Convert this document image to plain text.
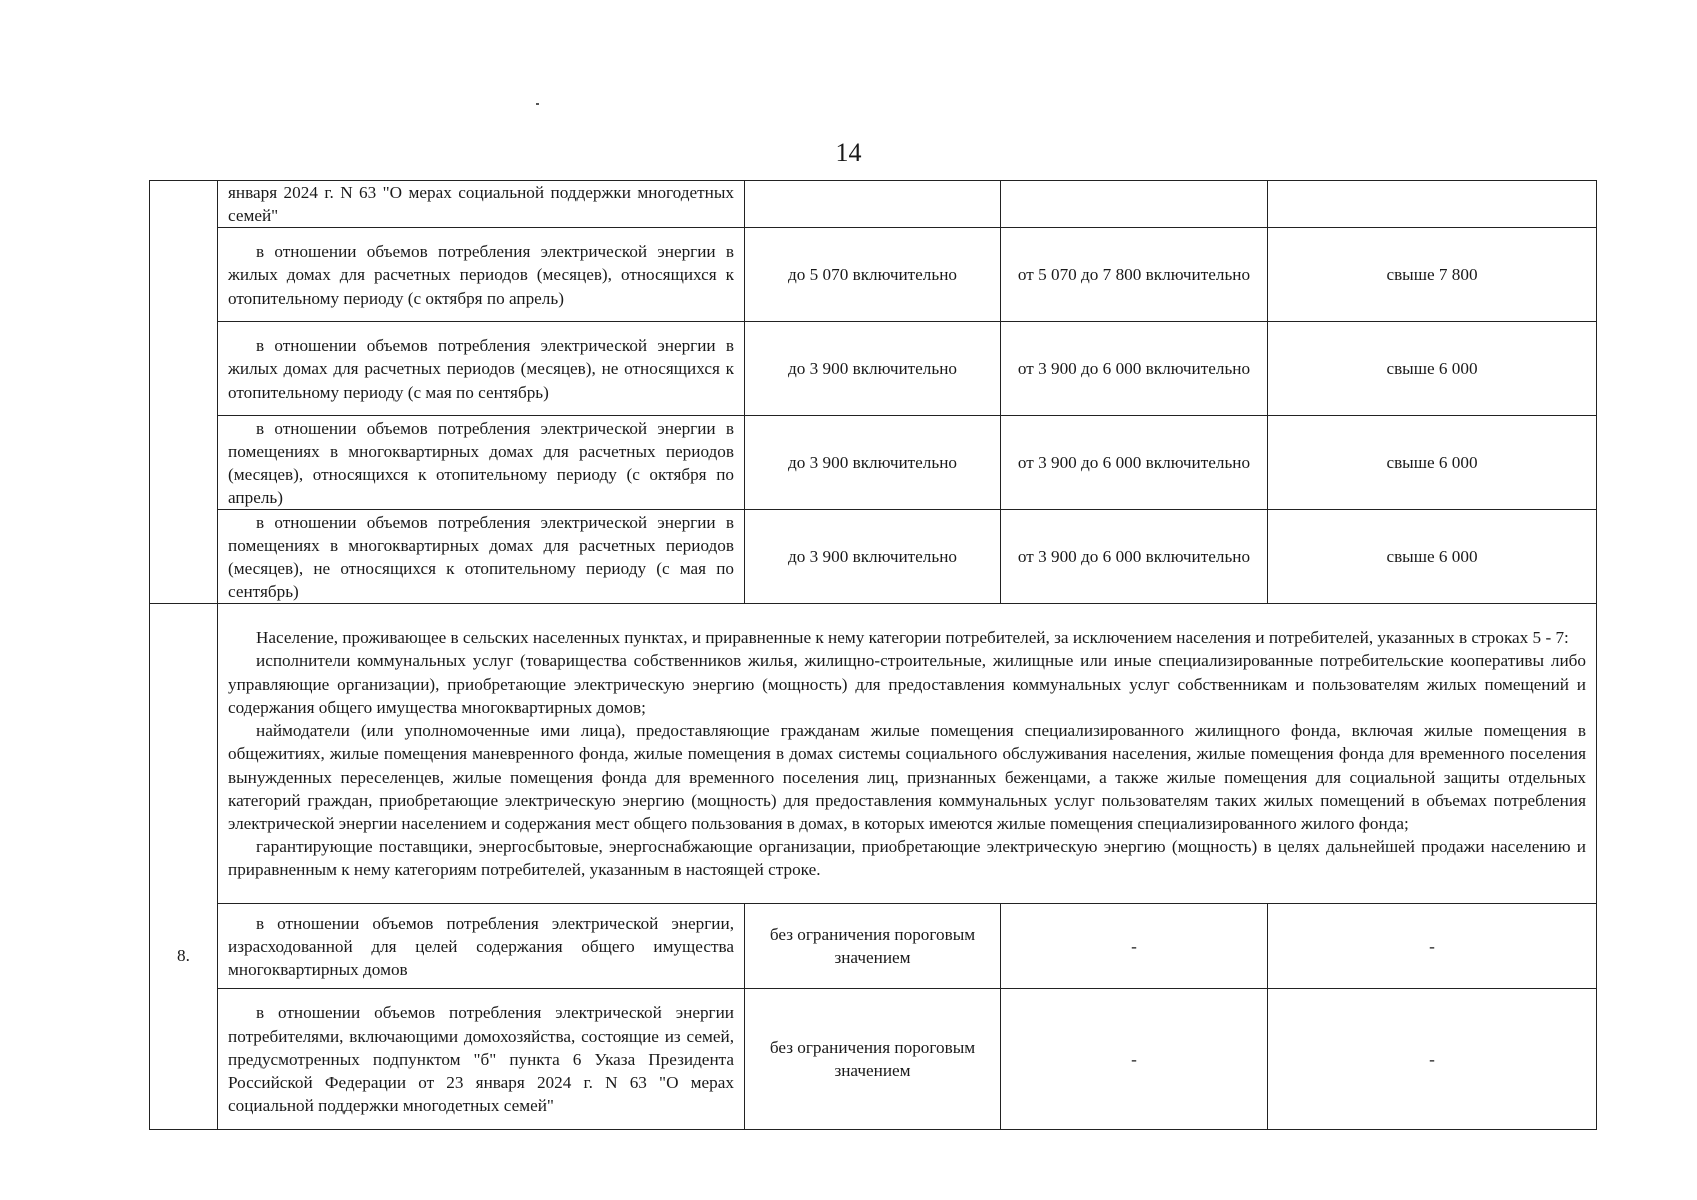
14

	января 2024 г. N 63 "О мерах социальной поддержки многодетных семей"			

	в отношении объемов потребления электрической энергии в жилых домах для расчетных периодов (месяцев), относящихся к отопительному периоду (с октября по апрель)	до 5 070 включительно	от 5 070 до 7 800 включительно	свыше 7 800

	в отношении объемов потребления электрической энергии в жилых домах для расчетных периодов (месяцев), не относящихся к отопительному периоду (с мая по сентябрь)	до 3 900 включительно	от 3 900 до 6 000 включительно	свыше 6 000

	в отношении объемов потребления электрической энергии в помещениях в многоквартирных домах для расчетных периодов (месяцев), относящихся к отопительному периоду (с октября по апрель)	до 3 900 включительно	от 3 900 до 6 000 включительно	свыше 6 000

	в отношении объемов потребления электрической энергии в помещениях в многоквартирных домах для расчетных периодов (месяцев), не относящихся к отопительному периоду (с мая по сентябрь)	до 3 900 включительно	от 3 900 до 6 000 включительно	свыше 6 000
8.	Население, проживающее в сельских населенных пунктах, и приравненные к нему категории потребителей, за исключением населения и потребителей, указанных в строках 5 - 7:

исполнители коммунальных услуг (товарищества собственников жилья, жилищно-строительные, жилищные или иные специализированные потребительские кооперативы либо управляющие организации), приобретающие электрическую энергию (мощность) для предоставления коммунальных услуг собственникам и пользователям жилых помещений и содержания общего имущества многоквартирных домов;

наймодатели (или уполномоченные ими лица), предоставляющие гражданам жилые помещения специализированного жилищного фонда, включая жилые помещения в общежитиях, жилые помещения маневренного фонда, жилые помещения в домах системы социального обслуживания населения, жилые помещения фонда для временного поселения вынужденных переселенцев, жилые помещения фонда для временного поселения лиц, признанных беженцами, а также жилые помещения для социальной защиты отдельных категорий граждан, приобретающие электрическую энергию (мощность) для предоставления коммунальных услуг пользователям таких жилых помещений в объемах потребления электрической энергии населением и содержания мест общего пользования в домах, в которых имеются жилые помещения специализированного жилого фонда;

гарантирующие поставщики, энергосбытовые, энергоснабжающие организации, приобретающие электрическую энергию (мощность) в целях дальнейшей продажи населению и приравненным к нему категориям потребителей, указанным в настоящей строке.			

	в отношении объемов потребления электрической энергии, израсходованной для целей содержания общего имущества многоквартирных домов	без ограничения пороговым значением	-	-

	в отношении объемов потребления электрической энергии потребителями, включающими домохозяйства, состоящие из семей, предусмотренных подпунктом "б" пункта 6 Указа Президента Российской Федерации от 23 января 2024 г. N 63 "О мерах социальной поддержки многодетных семей"	без ограничения пороговым значением	-	-
